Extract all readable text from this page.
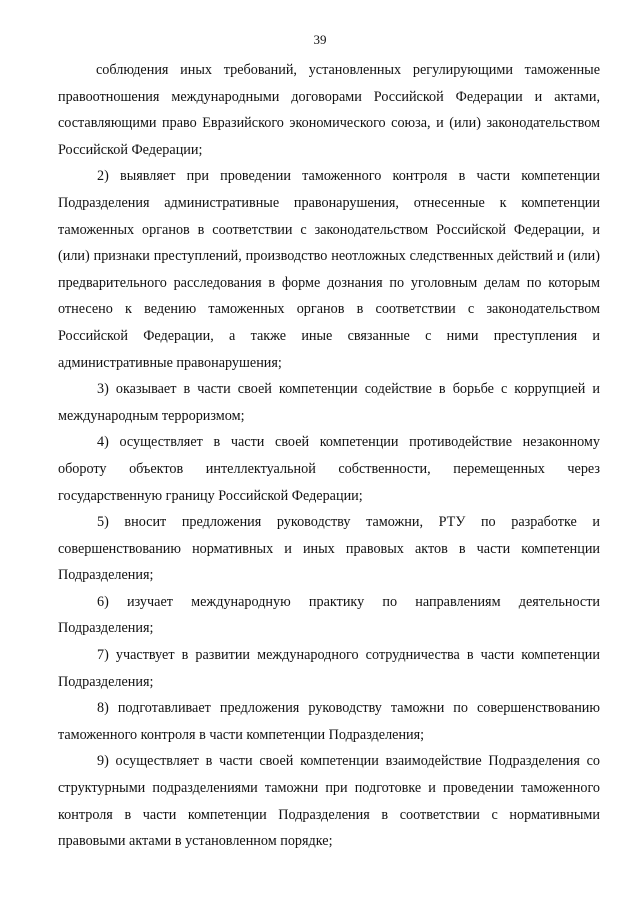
39

соблюдения иных требований, установленных регулирующими таможенные правоотношения международными договорами Российской Федерации и актами, составляющими право Евразийского экономического союза, и (или) законодательством Российской Федерации;

2) выявляет при проведении таможенного контроля в части компетенции Подразделения административные правонарушения, отнесенные к компетенции таможенных органов в соответствии с законодательством Российской Федерации, и (или) признаки преступлений, производство неотложных следственных действий и (или) предварительного расследования в форме дознания по уголовным делам по которым отнесено к ведению таможенных органов в соответствии с законодательством Российской Федерации, а также иные связанные с ними преступления и административные правонарушения;

3) оказывает в части своей компетенции содействие в борьбе с коррупцией и международным терроризмом;

4) осуществляет в части своей компетенции противодействие незаконному обороту объектов интеллектуальной собственности, перемещенных через государственную границу Российской Федерации;

5) вносит предложения руководству таможни, РТУ по разработке и совершенствованию нормативных и иных правовых актов в части компетенции Подразделения;

6) изучает международную практику по направлениям деятельности Подразделения;

7) участвует в развитии международного сотрудничества в части компетенции Подразделения;

8) подготавливает предложения руководству таможни по совершенствованию таможенного контроля в части компетенции Подразделения;

9) осуществляет в части своей компетенции взаимодействие Подразделения со структурными подразделениями таможни при подготовке и проведении таможенного контроля в части компетенции Подразделения в соответствии с нормативными правовыми актами в установленном порядке;
